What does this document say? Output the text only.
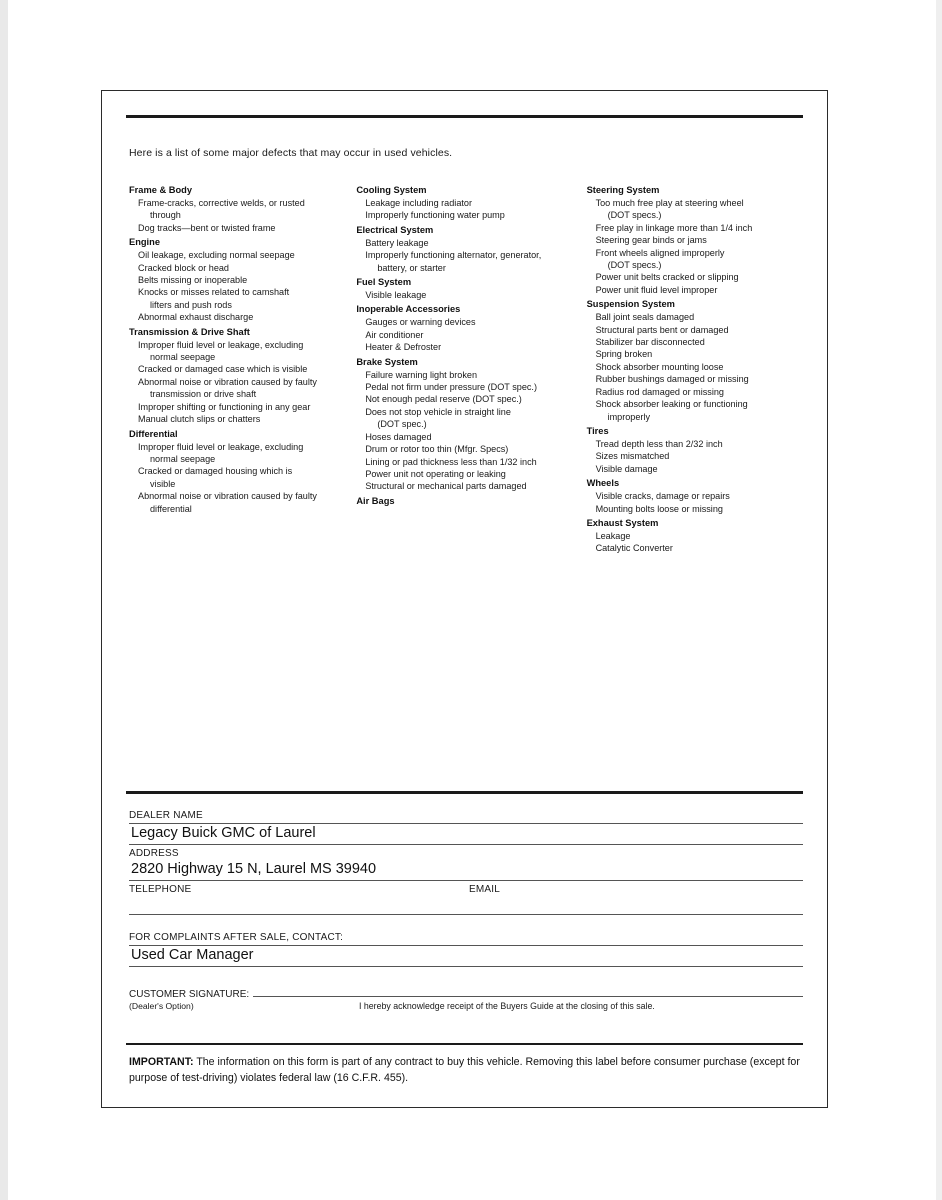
Here is a list of some major defects that may occur in used vehicles.
Frame & Body
Frame-cracks, corrective welds, or rusted
through
Dog tracks—bent or twisted frame
Engine
Oil leakage, excluding normal seepage
Cracked block or head
Belts missing or inoperable
Knocks or misses related to camshaft
lifters and push rods
Abnormal exhaust discharge
Transmission & Drive Shaft
Improper fluid level or leakage, excluding
normal seepage
Cracked or damaged case which is visible
Abnormal noise or vibration caused by faulty
transmission or drive shaft
Improper shifting or functioning in any gear
Manual clutch slips or chatters
Differential
Improper fluid level or leakage, excluding
normal seepage
Cracked or damaged housing which is
visible
Abnormal noise or vibration caused by faulty
differential
Cooling System
Leakage including radiator
Improperly functioning water pump
Electrical System
Battery leakage
Improperly functioning alternator, generator,
battery, or starter
Fuel System
Visible leakage
Inoperable Accessories
Gauges or warning devices
Air conditioner
Heater & Defroster
Brake System
Failure warning light broken
Pedal not firm under pressure (DOT spec.)
Not enough pedal reserve (DOT spec.)
Does not stop vehicle in straight line
(DOT spec.)
Hoses damaged
Drum or rotor too thin (Mfgr. Specs)
Lining or pad thickness less than 1/32 inch
Power unit not operating or leaking
Structural or mechanical parts damaged
Air Bags
Steering System
Too much free play at steering wheel
(DOT specs.)
Free play in linkage more than 1/4 inch
Steering gear binds or jams
Front wheels aligned improperly
(DOT specs.)
Power unit belts cracked or slipping
Power unit fluid level improper
Suspension System
Ball joint seals damaged
Structural parts bent or damaged
Stabilizer bar disconnected
Spring broken
Shock absorber mounting loose
Rubber bushings damaged or missing
Radius rod damaged or missing
Shock absorber leaking or functioning
improperly
Tires
Tread depth less than 2/32 inch
Sizes mismatched
Visible damage
Wheels
Visible cracks, damage or repairs
Mounting bolts loose or missing
Exhaust System
Leakage
Catalytic Converter
DEALER NAME
Legacy Buick GMC of Laurel
ADDRESS
2820 Highway 15 N, Laurel MS 39940
TELEPHONE	EMAIL
FOR COMPLAINTS AFTER SALE, CONTACT:
Used Car Manager
CUSTOMER SIGNATURE:
(Dealer's Option)	I hereby acknowledge receipt of the Buyers Guide at the closing of this sale.
IMPORTANT: The information on this form is part of any contract to buy this vehicle. Removing this label before consumer purchase (except for purpose of test-driving) violates federal law (16 C.F.R. 455).
